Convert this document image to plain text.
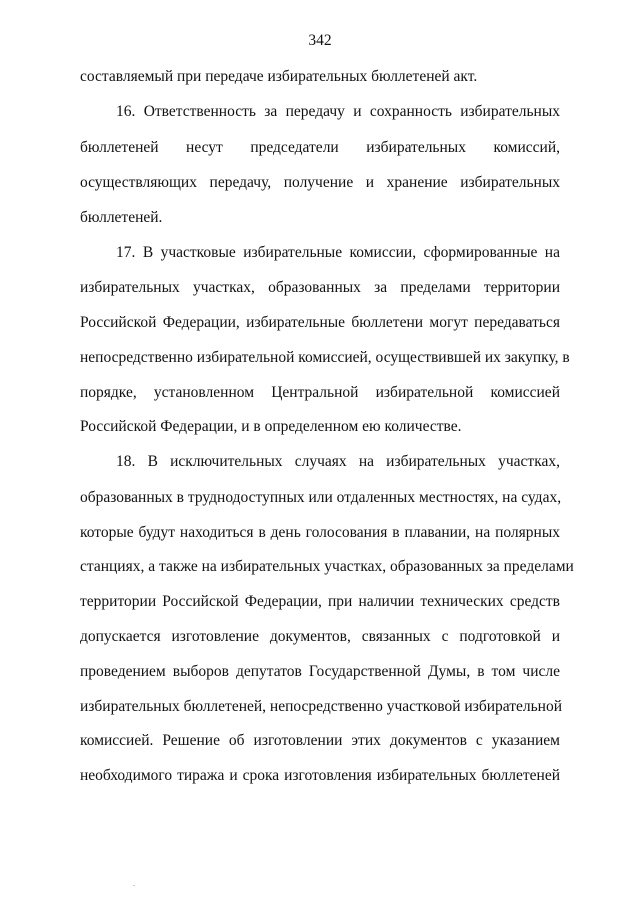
342
составляемый при передаче избирательных бюллетеней акт.
16. Ответственность за передачу и сохранность избирательных
бюллетеней несут председатели избирательных комиссий,
осуществляющих передачу, получение и хранение избирательных
бюллетеней.
17. В участковые избирательные комиссии, сформированные на
избирательных участках, образованных за пределами территории
Российской Федерации, избирательные бюллетени могут передаваться
непосредственно избирательной комиссией, осуществившей их закупку, в
порядке, установленном Центральной избирательной комиссией
Российской Федерации, и в определенном ею количестве.
18. В исключительных случаях на избирательных участках,
образованных в труднодоступных или отдаленных местностях, на судах,
которые будут находиться в день голосования в плавании, на полярных
станциях, а также на избирательных участках, образованных за пределами
территории Российской Федерации, при наличии технических средств
допускается изготовление документов, связанных с подготовкой и
проведением выборов депутатов Государственной Думы, в том числе
избирательных бюллетеней, непосредственно участковой избирательной
комиссией. Решение об изготовлении этих документов с указанием
необходимого тиража и срока изготовления избирательных бюллетеней
